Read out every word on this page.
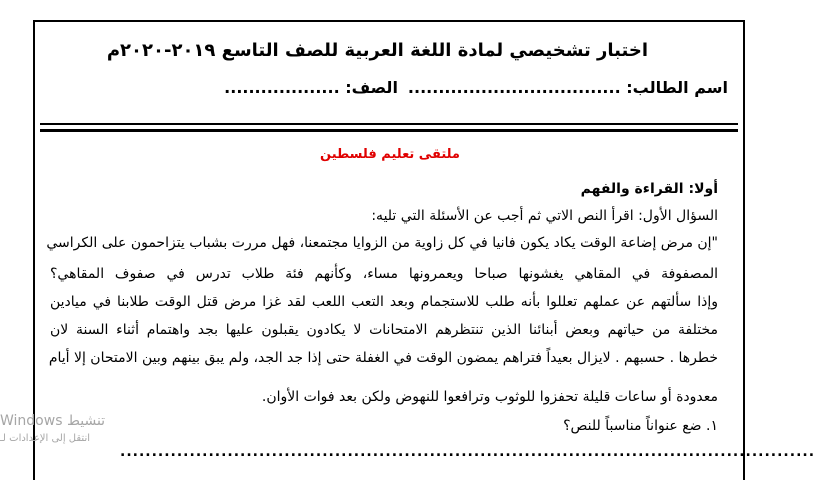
اختبار تشخيصي لمادة اللغة العربية للصف التاسع ٢٠١٩-٢٠٢٠م
اسم الطالب: ...................................الصف: ...................
ملتقى تعليم فلسطين
أولا: القراءة والفهم
السؤال الأول: اقرأ النص الاتي ثم أجب عن الأسئلة التي تليه:
"إن مرض إضاعة الوقت يكاد يكون فانيا في كل زاوية من الزوايا مجتمعنا، فهل مررت بشباب يتزاحمون على الكراسي
المصفوفة في المقاهي يغشونها صباحا ويعمرونها مساء، وكأنهم فئة طلاب تدرس في صفوف المقاهي؟
وإذا سألتهم عن عملهم تعللوا بأنه طلب للاستجمام وبعد التعب اللعب لقد غزا مرض قتل الوقت طلابنا في ميادين
مختلفة من حياتهم وبعض أبنائنا الذين تنتظرهم الامتحانات لا يكادون يقبلون عليها بجد واهتمام أثناء السنة لان
خطرها . حسبهم . لايزال بعيداً فتراهم يمضون الوقت في الغفلة حتى إذا جد الجد، ولم يبق بينهم وبين الامتحان إلا أيام
معدودة أو ساعات قليلة تحفزوا للوثوب وترافعوا للنهوض ولكن بعد فوات الأوان.
١. ضع عنواناً مناسباً للنص؟
..............................................................................................................
Windows تنشيط
انتقل إلى الإعدادات لـ
